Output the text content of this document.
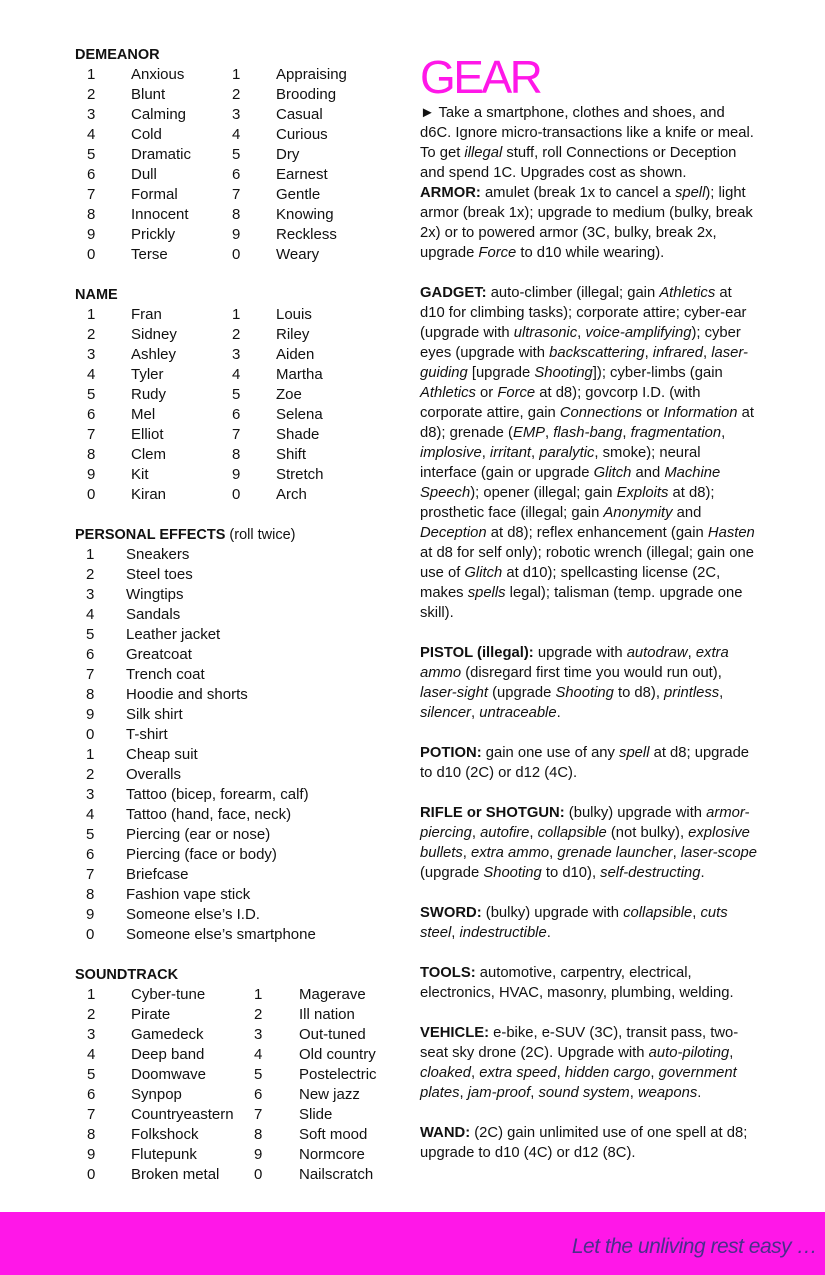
DEMEANOR
1 Anxious	1 Appraising
2 Blunt	2 Brooding
3 Calming	3 Casual
4 Cold	4 Curious
5 Dramatic	5 Dry
6 Dull	6 Earnest
7 Formal	7 Gentle
8 Innocent	8 Knowing
9 Prickly	9 Reckless
0 Terse	0 Weary
NAME
1 Fran	1 Louis
2 Sidney	2 Riley
3 Ashley	3 Aiden
4 Tyler	4 Martha
5 Rudy	5 Zoe
6 Mel	6 Selena
7 Elliot	7 Shade
8 Clem	8 Shift
9 Kit	9 Stretch
0 Kiran	0 Arch
PERSONAL EFFECTS (roll twice)
1 Sneakers
2 Steel toes
3 Wingtips
4 Sandals
5 Leather jacket
6 Greatcoat
7 Trench coat
8 Hoodie and shorts
9 Silk shirt
0 T-shirt
1 Cheap suit
2 Overalls
3 Tattoo (bicep, forearm, calf)
4 Tattoo (hand, face, neck)
5 Piercing (ear or nose)
6 Piercing (face or body)
7 Briefcase
8 Fashion vape stick
9 Someone else’s I.D.
0 Someone else’s smartphone
SOUNDTRACK
1 Cyber-tune	1 Magerave
2 Pirate	2 Ill nation
3 Gamedeck	3 Out-tuned
4 Deep band	4 Old country
5 Doomwave	5 Postelectric
6 Synpop	6 New jazz
7 Countryeastern 7 Slide
8 Folkshock	8 Soft mood
9 Flutepunk	9 Normcore
0 Broken metal 0 Nailscratch
GEAR

► Take a smartphone, clothes and shoes, and d6C. Ignore micro-transactions like a knife or meal. To get illegal stuff, roll Connections or Deception and spend 1C. Upgrades cost as shown.

ARMOR: amulet (break 1x to cancel a spell); light armor (break 1x); upgrade to medium (bulky, break 2x) or to powered armor (3C, bulky, break 2x, upgrade Force to d10 while wearing).

GADGET: auto-climber (illegal; gain Athletics at d10 for climbing tasks); corporate attire; cyber-ear (upgrade with ultrasonic, voice-amplifying); cyber eyes (upgrade with backscattering, infrared, laser-guiding [upgrade Shooting]); cyber-limbs (gain Athletics or Force at d8); govcorp I.D. (with corporate attire, gain Connections or Information at d8); grenade (EMP, flash-bang, fragmentation, implosive, irritant, paralytic, smoke); neural interface (gain or upgrade Glitch and Machine Speech); opener (illegal; gain Exploits at d8); prosthetic face (illegal; gain Anonymity and Deception at d8); reflex enhancement (gain Hasten at d8 for self only); robotic wrench (illegal; gain one use of Glitch at d10); spellcasting license (2C, makes spells legal); talisman (temp. upgrade one skill).

PISTOL (illegal): upgrade with autodraw, extra ammo (disregard first time you would run out), laser-sight (upgrade Shooting to d8), printless, silencer, untraceable.

POTION: gain one use of any spell at d8; upgrade to d10 (2C) or d12 (4C).

RIFLE or SHOTGUN: (bulky) upgrade with armor-piercing, autofire, collapsible (not bulky), explosive bullets, extra ammo, grenade launcher, laser-scope (upgrade Shooting to d10), self-destructing.

SWORD: (bulky) upgrade with collapsible, cuts steel, indestructible.

TOOLS: automotive, carpentry, electrical, electronics, HVAC, masonry, plumbing, welding.

VEHICLE: e-bike, e-SUV (3C), transit pass, two-seat sky drone (2C). Upgrade with auto-piloting, cloaked, extra speed, hidden cargo, government plates, jam-proof, sound system, weapons.

WAND: (2C) gain unlimited use of one spell at d8; upgrade to d10 (4C) or d12 (8C).

Let the unliving rest easy …
